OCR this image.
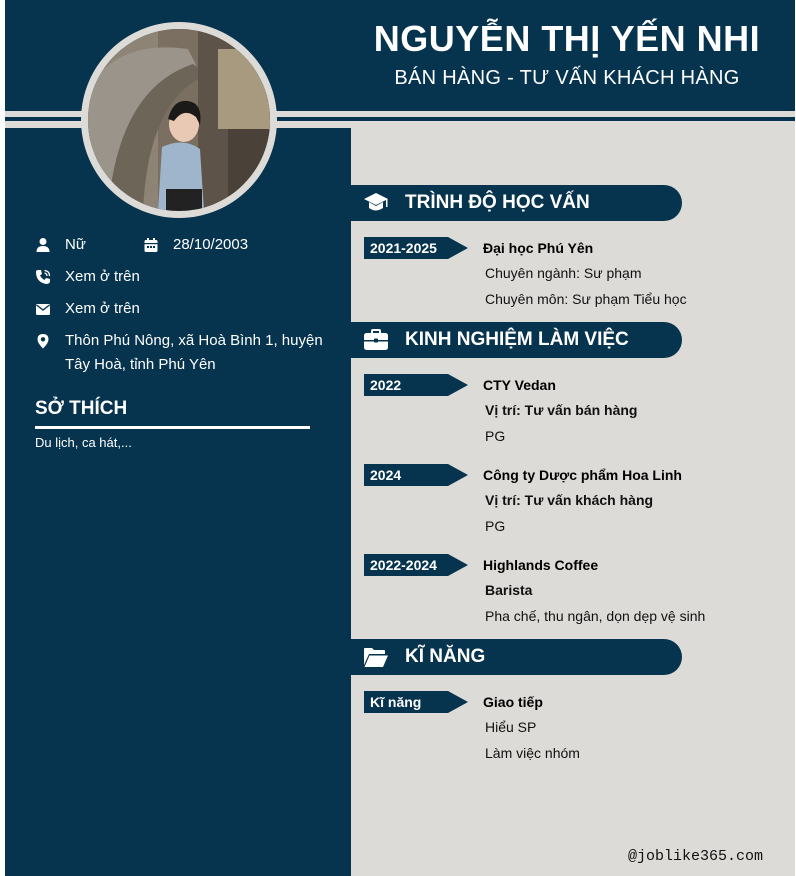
NGUYỄN THỊ YẾN NHI
BÁN HÀNG - TƯ VẤN KHÁCH HÀNG
Nữ	28/10/2003
Xem ở trên
Xem ở trên
Thôn Phú Nông, xã Hoà Bình 1, huyện Tây Hoà, tỉnh Phú Yên
SỞ THÍCH
Du lịch, ca hát,...
TRÌNH ĐỘ HỌC VẤN
2021-2025	Đại học Phú Yên
Chuyên ngành: Sư phạm
Chuyên môn: Sư phạm Tiểu học
KINH NGHIỆM LÀM VIỆC
2022	CTY Vedan
Vị trí: Tư vấn bán hàng
PG
2024	Công ty Dược phẩm Hoa Linh
Vị trí: Tư vấn khách hàng
PG
2022-2024	Highlands Coffee
Barista
Pha chế, thu ngân, dọn dẹp vệ sinh
KĨ NĂNG
Kĩ năng	Giao tiếp
Hiểu SP
Làm việc nhóm
@joblike365.com
